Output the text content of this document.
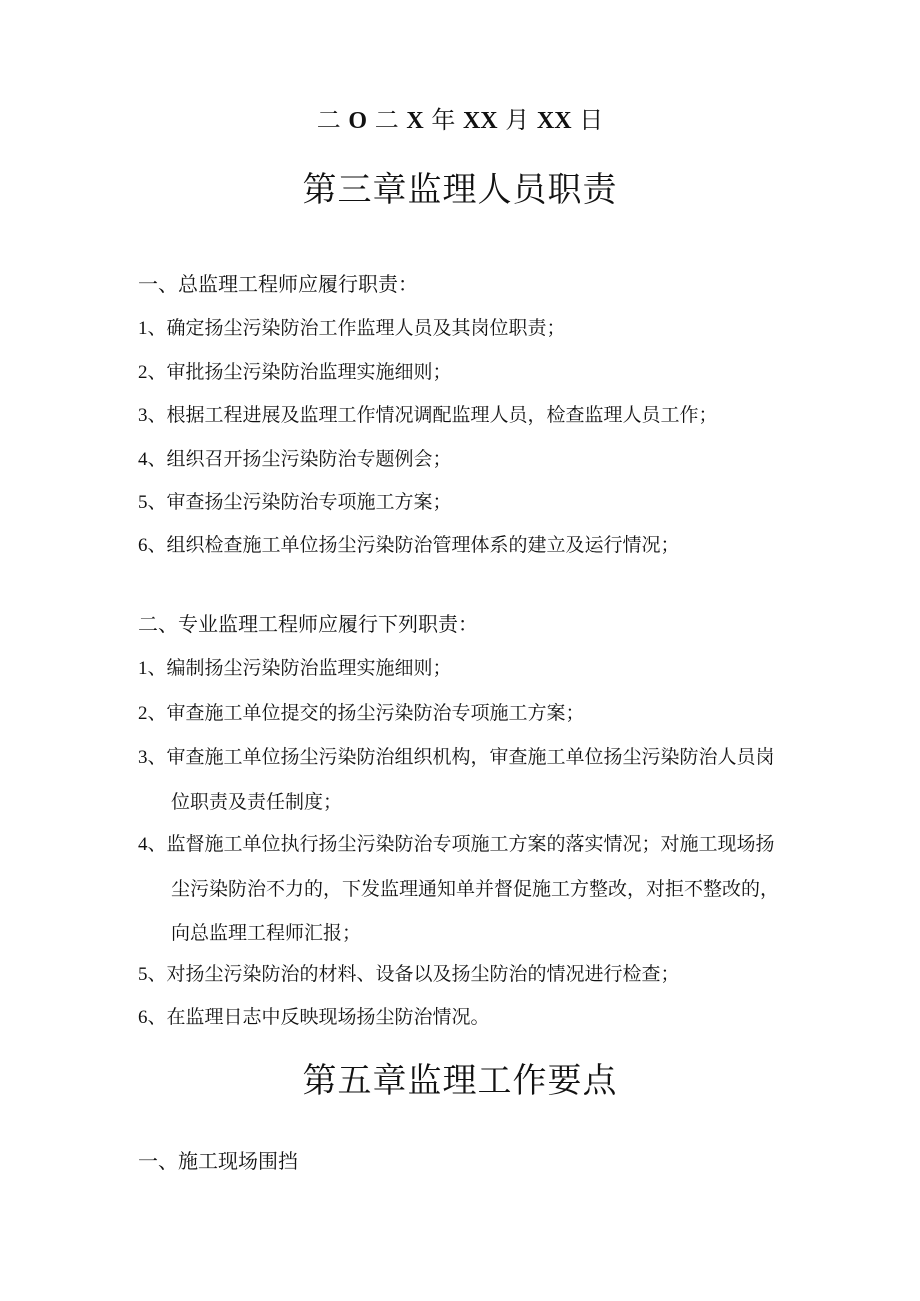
二 O 二 X 年 XX 月 XX 日
第三章监理人员职责
一、总监理工程师应履行职责：
1、确定扬尘污染防治工作监理人员及其岗位职责；
2、审批扬尘污染防治监理实施细则；
3、根据工程进展及监理工作情况调配监理人员，检查监理人员工作；
4、组织召开扬尘污染防治专题例会；
5、审查扬尘污染防治专项施工方案；
6、组织检查施工单位扬尘污染防治管理体系的建立及运行情况；
二、专业监理工程师应履行下列职责：
1、编制扬尘污染防治监理实施细则；
2、审查施工单位提交的扬尘污染防治专项施工方案；
3、审查施工单位扬尘污染防治组织机构，审查施工单位扬尘污染防治人员岗
位职责及责任制度；
4、监督施工单位执行扬尘污染防治专项施工方案的落实情况；对施工现场扬
尘污染防治不力的，下发监理通知单并督促施工方整改，对拒不整改的，
向总监理工程师汇报；
5、对扬尘污染防治的材料、设备以及扬尘防治的情况进行检查；
6、在监理日志中反映现场扬尘防治情况。
第五章监理工作要点
一、施工现场围挡
